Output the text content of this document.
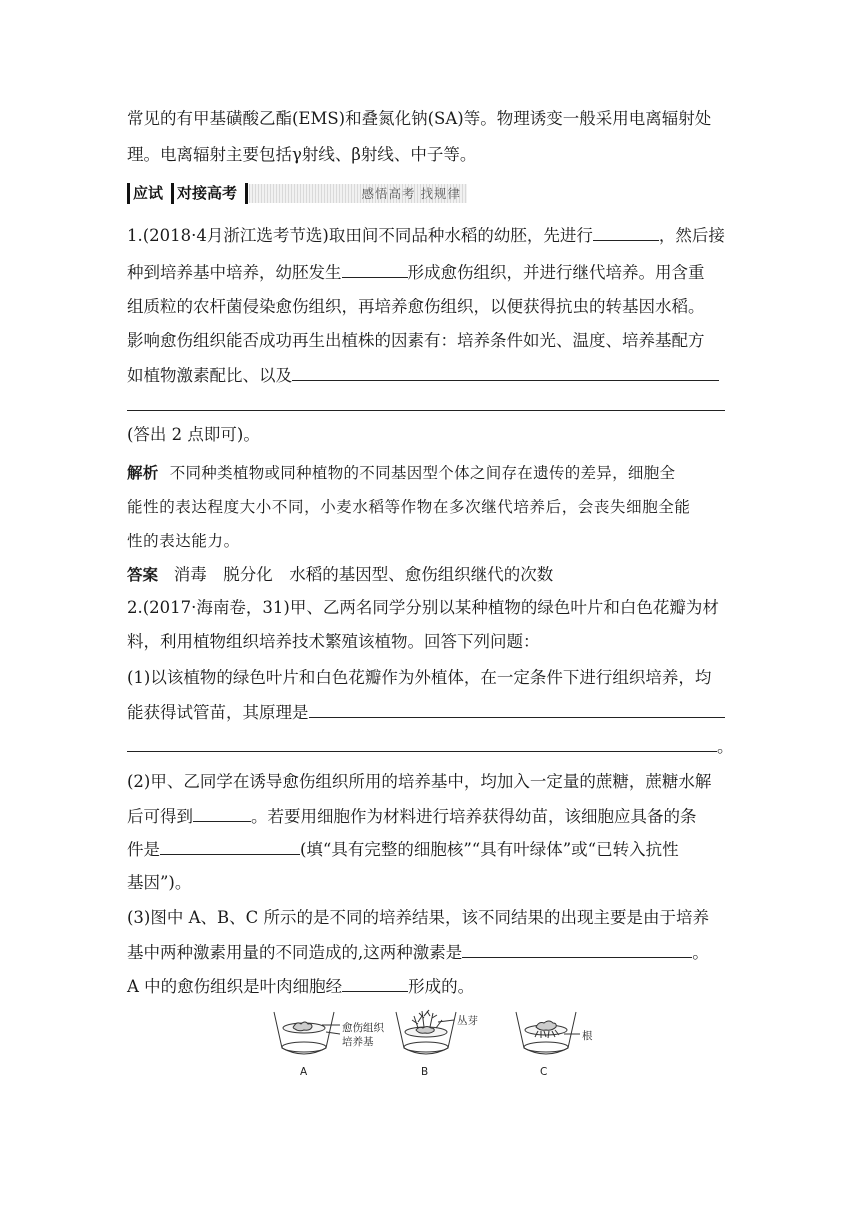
常见的有甲基磺酸乙酯(EMS)和叠氮化钠(SA)等。物理诱变一般采用电离辐射处
理。电离辐射主要包括γ射线、β射线、中子等。
应试 对接高考	感悟高考 找规律
1.(2018·4月浙江选考节选)取田间不同品种水稻的幼胚，先进行	，然后接
种到培养基中培养，幼胚发生	形成愈伤组织，并进行继代培养。用含重
组质粒的农杆菌侵染愈伤组织，再培养愈伤组织，以便获得抗虫的转基因水稻。
影响愈伤组织能否成功再生出植株的因素有：培养条件如光、温度、培养基配方
如植物激素配比、以及
(答出 2 点即可)。
解析 不同种类植物或同种植物的不同基因型个体之间存在遗传的差异，细胞全
能性的表达程度大小不同，小麦水稻等作物在多次继代培养后，会丧失细胞全能
性的表达能力。
答案 消毒　脱分化　水稻的基因型、愈伤组织继代的次数
2.(2017·海南卷，31)甲、乙两名同学分别以某种植物的绿色叶片和白色花瓣为材
料，利用植物组织培养技术繁殖该植物。回答下列问题：
(1)以该植物的绿色叶片和白色花瓣作为外植体，在一定条件下进行组织培养，均
能获得试管苗，其原理是
。
(2)甲、乙同学在诱导愈伤组织所用的培养基中，均加入一定量的蔗糖，蔗糖水解
后可得到	。若要用细胞作为材料进行培养获得幼苗，该细胞应具备的条
件是	(填“具有完整的细胞核”“具有叶绿体”或“已转入抗性
基因”)。
(3)图中 A、B、C 所示的是不同的培养结果，该不同结果的出现主要是由于培养
基中两种激素用量的不同造成的,这两种激素是	。
A 中的愈伤组织是叶肉细胞经	形成的。
愈伤组织
培养基
丛芽
根
A	B	C
